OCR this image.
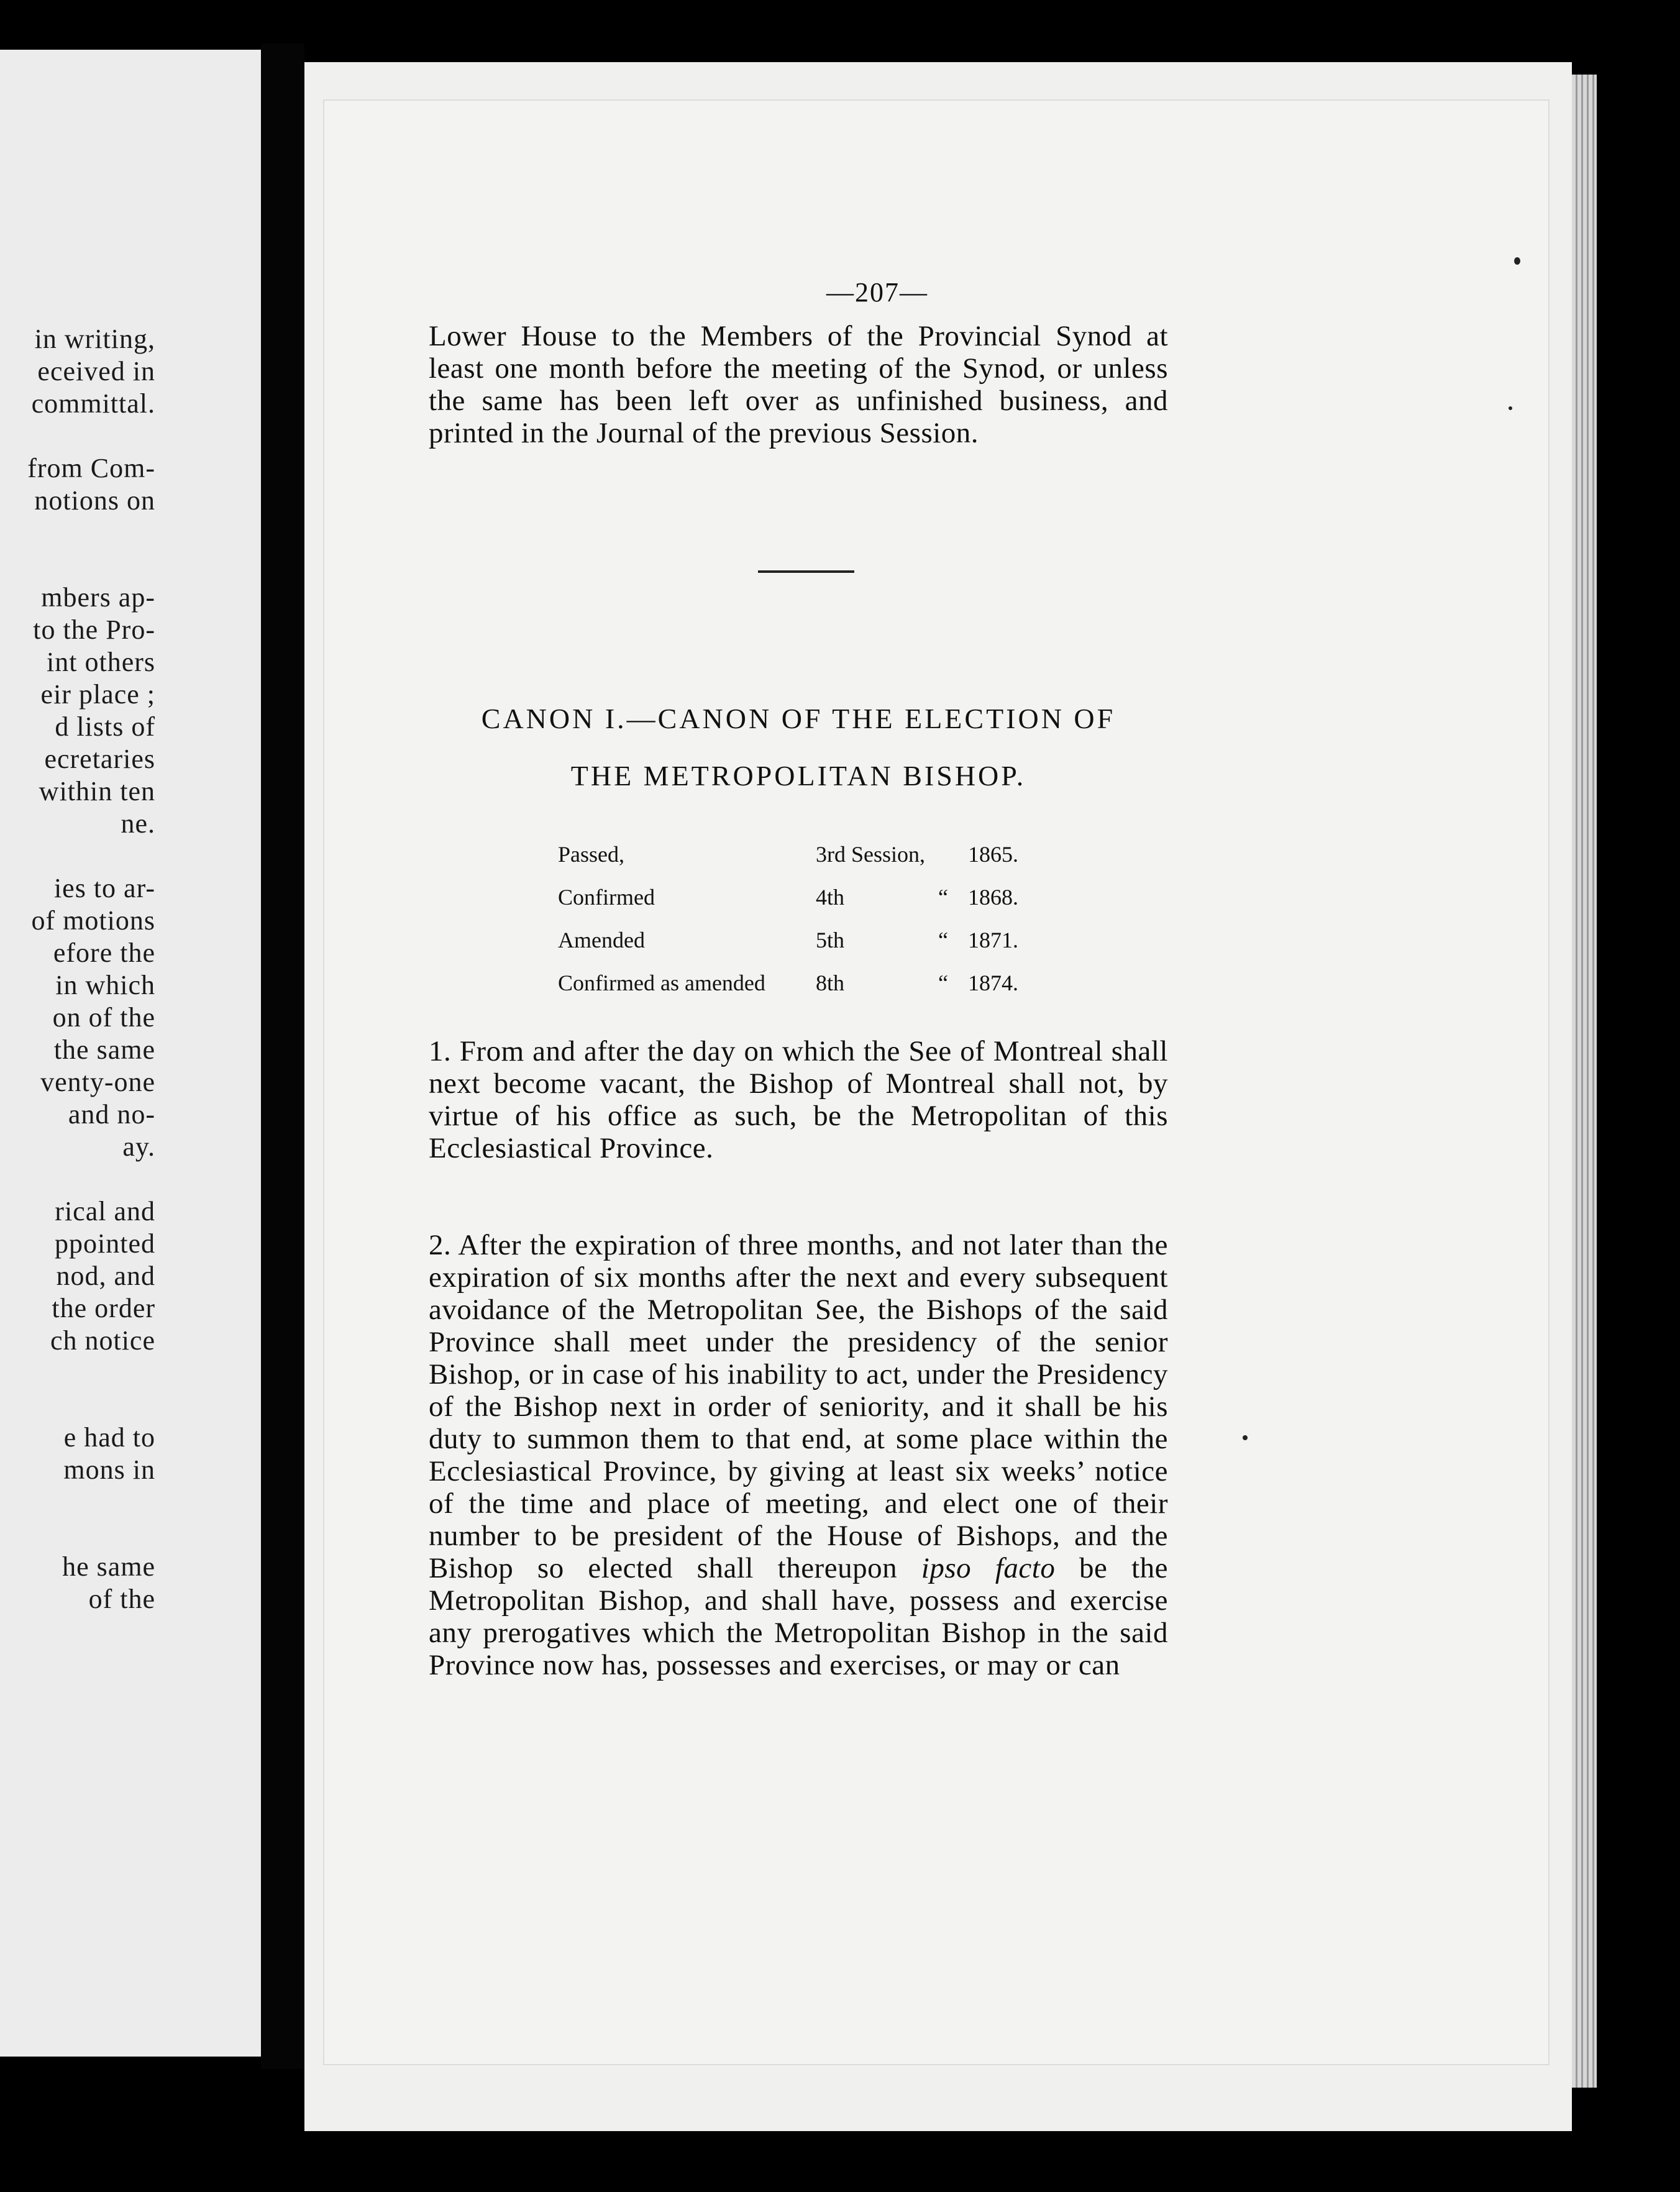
in writing,
eceived in
committal.
from Com-
notions on
mbers ap-
to the Pro-
int others
eir place ;
d lists of
ecretaries
within ten
ne.
ies to ar-
of motions
efore the
in which
on of the
the same
venty-one
and no-
ay.
rical and
ppointed
nod, and
the order
ch notice
e had to
mons in
he same
of the
—207—
Lower House to the Members of the Provincial Synod at least one month before the meeting of the Synod, or unless the same has been left over as unfinished business, and printed in the Journal of the previous Session.
CANON I.—CANON OF THE ELECTION OF
THE METROPOLITAN BISHOP.
Passed,	3rd Session,		1865.
Confirmed	4th	“	1868.
Amended	5th	“	1871.
Confirmed as amended	8th	“	1874.
1. From and after the day on which the See of Montreal shall next become vacant, the Bishop of Montreal shall not, by virtue of his office as such, be the Metropolitan of this Ecclesiastical Province.
2. After the expiration of three months, and not later than the expiration of six months after the next and every subsequent avoidance of the Metropolitan See, the Bishops of the said Province shall meet under the presidency of the senior Bishop, or in case of his inability to act, under the Presidency of the Bishop next in order of seniority, and it shall be his duty to summon them to that end, at some place within the Ecclesiastical Province, by giving at least six weeks’ notice of the time and place of meeting, and elect one of their number to be president of the House of Bishops, and the Bishop so elected shall thereupon ipso facto be the Metropolitan Bishop, and shall have, possess and exercise any prerogatives which the Metropolitan Bishop in the said Province now has, possesses and exercises, or may or can
